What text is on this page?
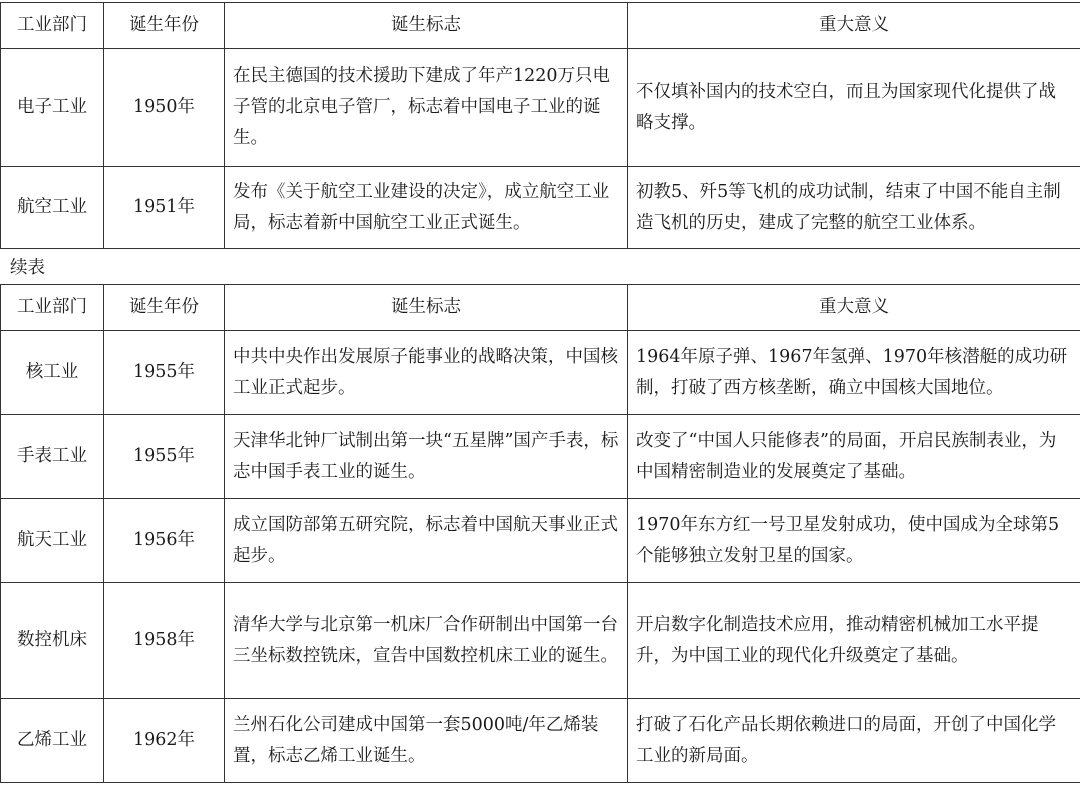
工业部门	诞生年份	诞生标志	重大意义
电子工业	1950年	在民主德国的技术援助下建成了年产1220万只电子管的北京电子管厂，标志着中国电子工业的诞生。	不仅填补国内的技术空白，而且为国家现代化提供了战略支撑。
航空工业	1951年	发布《关于航空工业建设的决定》，成立航空工业局，标志着新中国航空工业正式诞生。	初教5、歼5等飞机的成功试制，结束了中国不能自主制造飞机的历史，建成了完整的航空工业体系。

续表

工业部门	诞生年份	诞生标志	重大意义
核工业	1955年	中共中央作出发展原子能事业的战略决策，中国核工业正式起步。	1964年原子弹、1967年氢弹、1970年核潜艇的成功研制，打破了西方核垄断，确立中国核大国地位。
手表工业	1955年	天津华北钟厂试制出第一块“五星牌”国产手表，标志中国手表工业的诞生。	改变了“中国人只能修表”的局面，开启民族制表业，为中国精密制造业的发展奠定了基础。
航天工业	1956年	成立国防部第五研究院，标志着中国航天事业正式起步。	1970年东方红一号卫星发射成功，使中国成为全球第5个能够独立发射卫星的国家。
数控机床	1958年	清华大学与北京第一机床厂合作研制出中国第一台三坐标数控铣床，宣告中国数控机床工业的诞生。	开启数字化制造技术应用，推动精密机械加工水平提升，为中国工业的现代化升级奠定了基础。
乙烯工业	1962年	兰州石化公司建成中国第一套5000吨/年乙烯装置，标志乙烯工业诞生。	打破了石化产品长期依赖进口的局面，开创了中国化学工业的新局面。
